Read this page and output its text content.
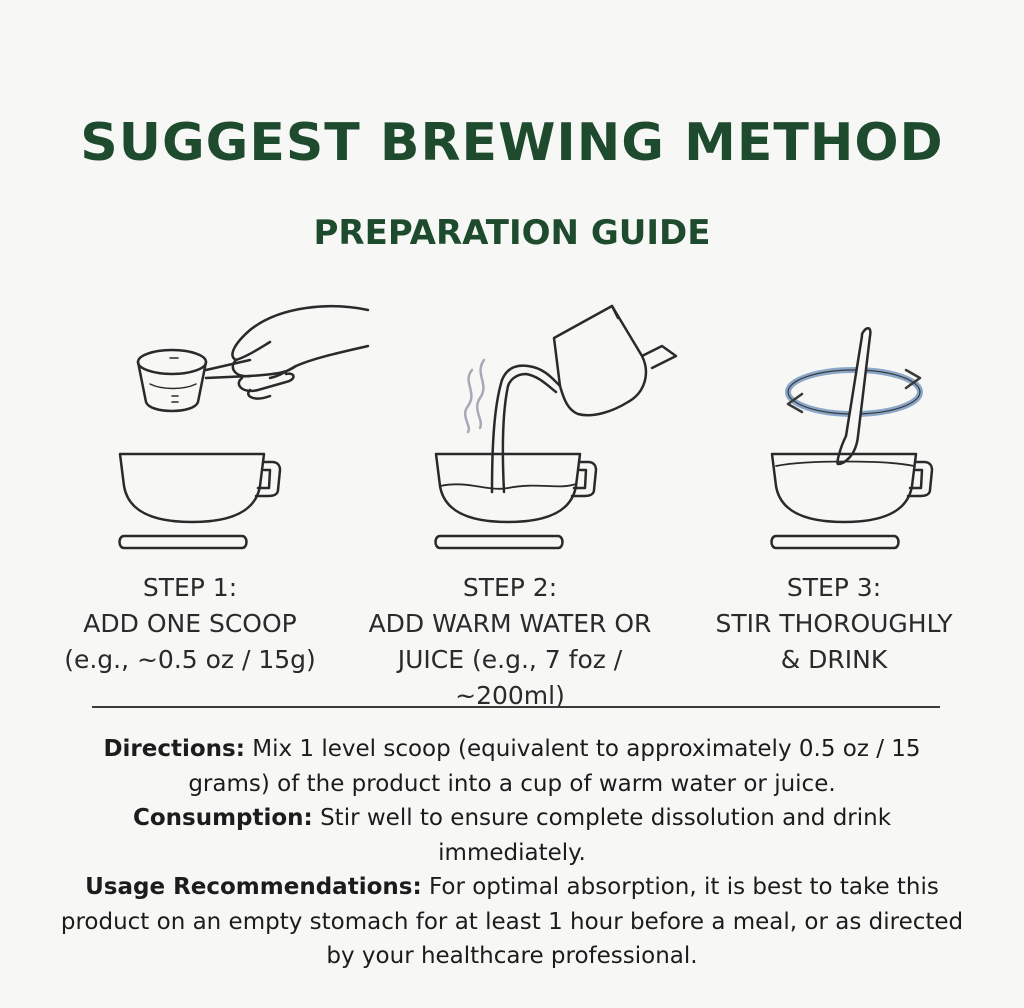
SUGGEST BREWING METHOD
PREPARATION GUIDE
STEP 1:
ADD ONE SCOOP
(e.g., ~0.5 oz / 15g)
STEP 2:
ADD WARM WATER OR
JUICE (e.g., 7 foz / ~200ml)
STEP 3:
STIR THOROUGHLY
& DRINK

Directions: Mix 1 level scoop (equivalent to approximately 0.5 oz / 15 grams) of the product into a cup of warm water or juice.

Consumption: Stir well to ensure complete dissolution and drink immediately.

Usage Recommendations: For optimal absorption, it is best to take this product on an empty stomach for at least 1 hour before a meal, or as directed by your healthcare professional.
